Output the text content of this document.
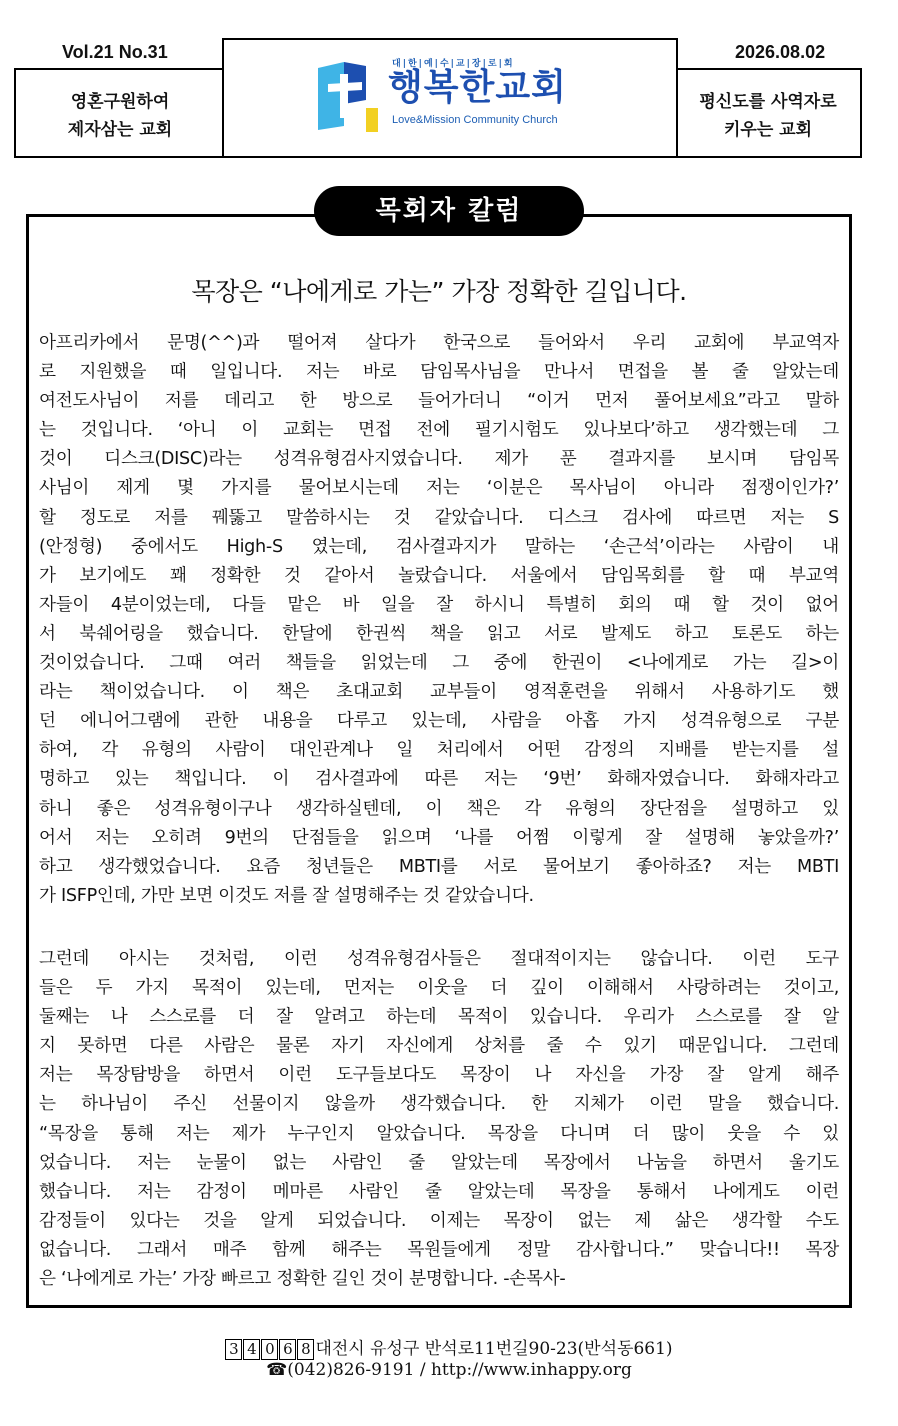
Vol.21 No.31	2026.08.02
영혼구원하여
제자삼는 교회
대|한|예|수|교|장|로|회
행복한교회
Love&Mission Community Church
평신도를 사역자로
키우는 교회
목회자 칼럼
목장은 “나에게로 가는” 가장 정확한 길입니다.
아프리카에서 문명(^^)과 떨어져 살다가 한국으로 들어와서 우리 교회에 부교역자
로 지원했을 때 일입니다. 저는 바로 담임목사님을 만나서 면접을 볼 줄 알았는데
여전도사님이 저를 데리고 한 방으로 들어가더니 “이거 먼저 풀어보세요”라고 말하
는 것입니다. ‘아니 이 교회는 면접 전에 필기시험도 있나보다’하고 생각했는데 그
것이 디스크(DISC)라는 성격유형검사지였습니다. 제가 푼 결과지를 보시며 담임목
사님이 제게 몇 가지를 물어보시는데 저는 ‘이분은 목사님이 아니라 점쟁이인가?’
할 정도로 저를 꿰뚫고 말씀하시는 것 같았습니다. 디스크 검사에 따르면 저는 S
(안정형) 중에서도 High-S 였는데, 검사결과지가 말하는 ‘손근석’이라는 사람이 내
가 보기에도 꽤 정확한 것 같아서 놀랐습니다. 서울에서 담임목회를 할 때 부교역
자들이 4분이었는데, 다들 맡은 바 일을 잘 하시니 특별히 회의 때 할 것이 없어
서 북쉐어링을 했습니다. 한달에 한권씩 책을 읽고 서로 발제도 하고 토론도 하는
것이었습니다. 그때 여러 책들을 읽었는데 그 중에 한권이 <나에게로 가는 길>이
라는 책이었습니다. 이 책은 초대교회 교부들이 영적훈련을 위해서 사용하기도 했
던 에니어그램에 관한 내용을 다루고 있는데, 사람을 아홉 가지 성격유형으로 구분
하여, 각 유형의 사람이 대인관계나 일 처리에서 어떤 감정의 지배를 받는지를 설
명하고 있는 책입니다. 이 검사결과에 따른 저는 ‘9번’ 화해자였습니다. 화해자라고
하니 좋은 성격유형이구나 생각하실텐데, 이 책은 각 유형의 장단점을 설명하고 있
어서 저는 오히려 9번의 단점들을 읽으며 ‘나를 어쩜 이렇게 잘 설명해 놓았을까?’
하고 생각했었습니다. 요즘 청년들은 MBTI를 서로 물어보기 좋아하죠? 저는 MBTI
가 ISFP인데, 가만 보면 이것도 저를 잘 설명해주는 것 같았습니다.
그런데 아시는 것처럼, 이런 성격유형검사들은 절대적이지는 않습니다. 이런 도구
들은 두 가지 목적이 있는데, 먼저는 이웃을 더 깊이 이해해서 사랑하려는 것이고,
둘째는 나 스스로를 더 잘 알려고 하는데 목적이 있습니다. 우리가 스스로를 잘 알
지 못하면 다른 사람은 물론 자기 자신에게 상처를 줄 수 있기 때문입니다. 그런데
저는 목장탐방을 하면서 이런 도구들보다도 목장이 나 자신을 가장 잘 알게 해주
는 하나님이 주신 선물이지 않을까 생각했습니다. 한 지체가 이런 말을 했습니다.
“목장을 통해 저는 제가 누구인지 알았습니다. 목장을 다니며 더 많이 웃을 수 있
었습니다. 저는 눈물이 없는 사람인 줄 알았는데 목장에서 나눔을 하면서 울기도
했습니다. 저는 감정이 메마른 사람인 줄 알았는데 목장을 통해서 나에게도 이런
감정들이 있다는 것을 알게 되었습니다. 이제는 목장이 없는 제 삶은 생각할 수도
없습니다. 그래서 매주 함께 해주는 목원들에게 정말 감사합니다.” 맞습니다!! 목장
은 ‘나에게로 가는’ 가장 빠르고 정확한 길인 것이 분명합니다. -손목사-
3 4 0 6 8 대전시 유성구 반석로11번길90-23(반석동661)
☎(042)826-9191 / http://www.inhappy.org
